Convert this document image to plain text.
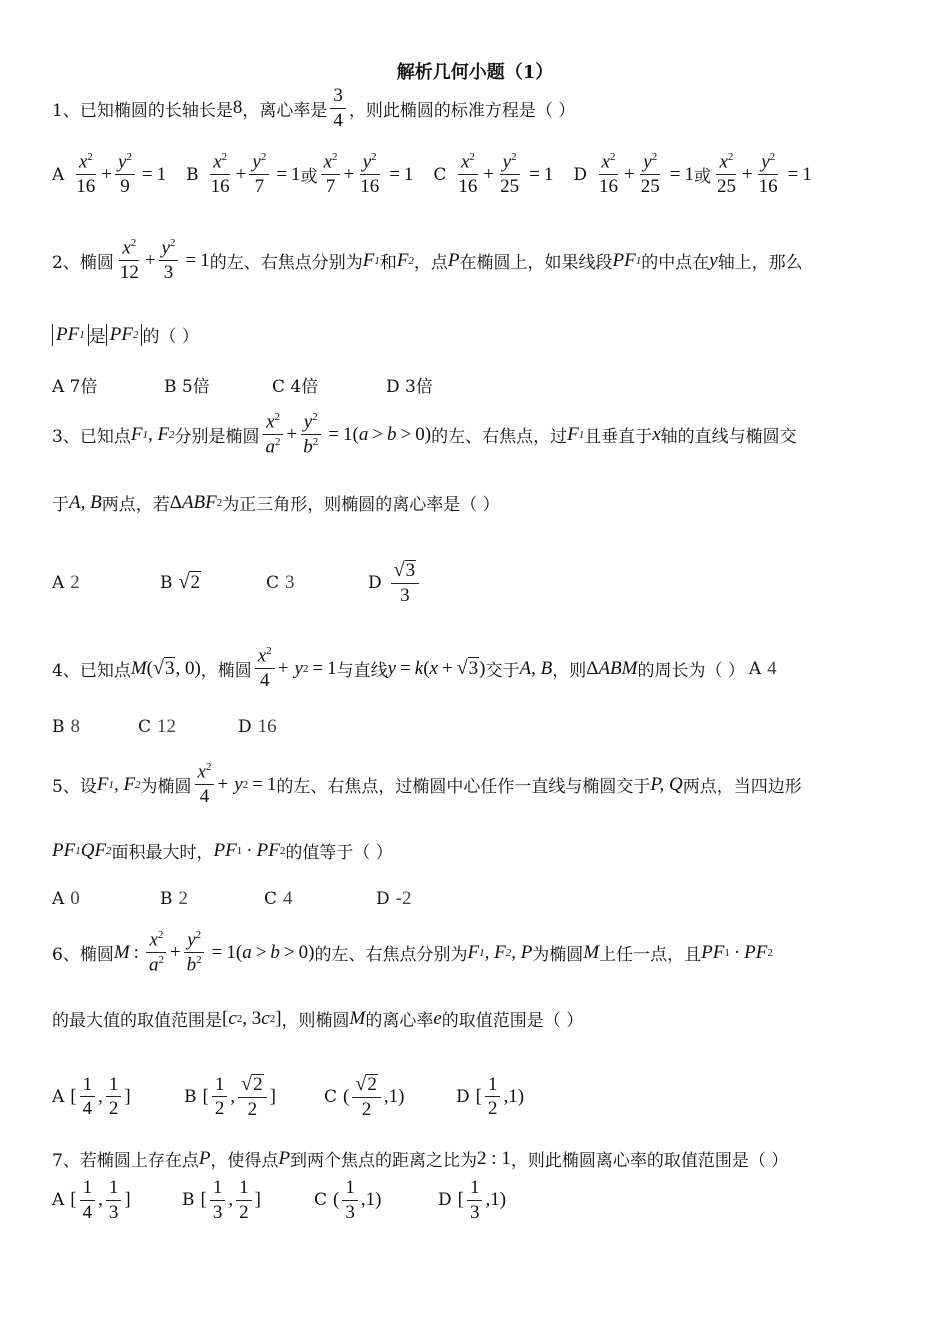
解析几何小题（1）
1、已知椭圆的长轴长是 8 ，离心率是 $\frac{3}{4}$ ，则此椭圆的标准方程是（ ）
A $\frac{x^2}{16} + \frac{y^2}{9} = 1$ B $\frac{x^2}{16} + \frac{y^2}{7} = 1$ 或 $\frac{x^2}{7} + \frac{y^2}{16} = 1$ C $\frac{x^2}{16} + \frac{y^2}{25} = 1$ D $\frac{x^2}{16} + \frac{y^2}{25} = 1$ 或 $\frac{x^2}{25} + \frac{y^2}{16} = 1$
2、椭圆 $\frac{x^2}{12} + \frac{y^2}{3} = 1$ 的左、右焦点分别为 F 1 和 F 2 ，点 P 在椭圆上，如果线段 PF 1 的中点在 y 轴上，那么
PF 1 是 PF 2 的（ ）
A 7倍	B 5倍	C 4倍	D 3倍
3、已知点 F 1 , F 2 分别是椭圆 $\frac{x^2}{a^2} + \frac{y^2}{b^2} = 1$( a > b > 0) 的左、右焦点，过 F 1 且垂直于 x 轴的直线与椭圆交
于 A, B 两点，若 Δ ABF 2 为正三角形，则椭圆的离心率是（ ）
A 2	B √ 2	C 3	D $\frac{√ 3}{3}$
4、已知点 M ( √ 3 , 0) ，椭圆 $\frac{x^2}{4} + y$ 2 = 1 与直线 y = k ( x + √ 3 ) 交于 A, B ，则 Δ ABM 的周长为（ ） A 4
B 8	C 12	D 16
5、设 F 1 , F 2 为椭圆 $\frac{x^2}{4} + y$ 2 = 1 的左、右焦点，过椭圆中心任作一直线与椭圆交于 P, Q 两点，当四边形
PF 1 QF 2 面积最大时， PF 1 · PF 2 的值等于（ ）
A 0	B 2	C 4	D -2
6、椭圆 M : $\frac{x^2}{a^2} + \frac{y^2}{b^2} = 1$( a > b > 0) 的左、右焦点分别为 F 1 , F 2 , P 为椭圆 M 上任一点，且 PF 1 · PF 2
的最大值的取值范围是 [ c 2 , 3 c 2 ] ，则椭圆 M 的离心率 e 的取值范围是（ ）
A [ $\frac{1}{4}$ , $\frac{1}{2}$ ]	B [ $\frac{1}{2}$ , $\frac{√ 2}{2}$ ]	C ( $\frac{√ 2}{2} ,1$)	D [ $\frac{1}{2} ,1$)
7、若椭圆上存在点 P ，使得点 P 到两个焦点的距离之比为 2 : 1 ，则此椭圆离心率的取值范围是（ ）
A [ $\frac{1}{4}$ , $\frac{1}{3}$ ]	B [ $\frac{1}{3}$ , $\frac{1}{2}$ ]	C ( $\frac{1}{3} ,1$)	D [ $\frac{1}{3} ,1$)
